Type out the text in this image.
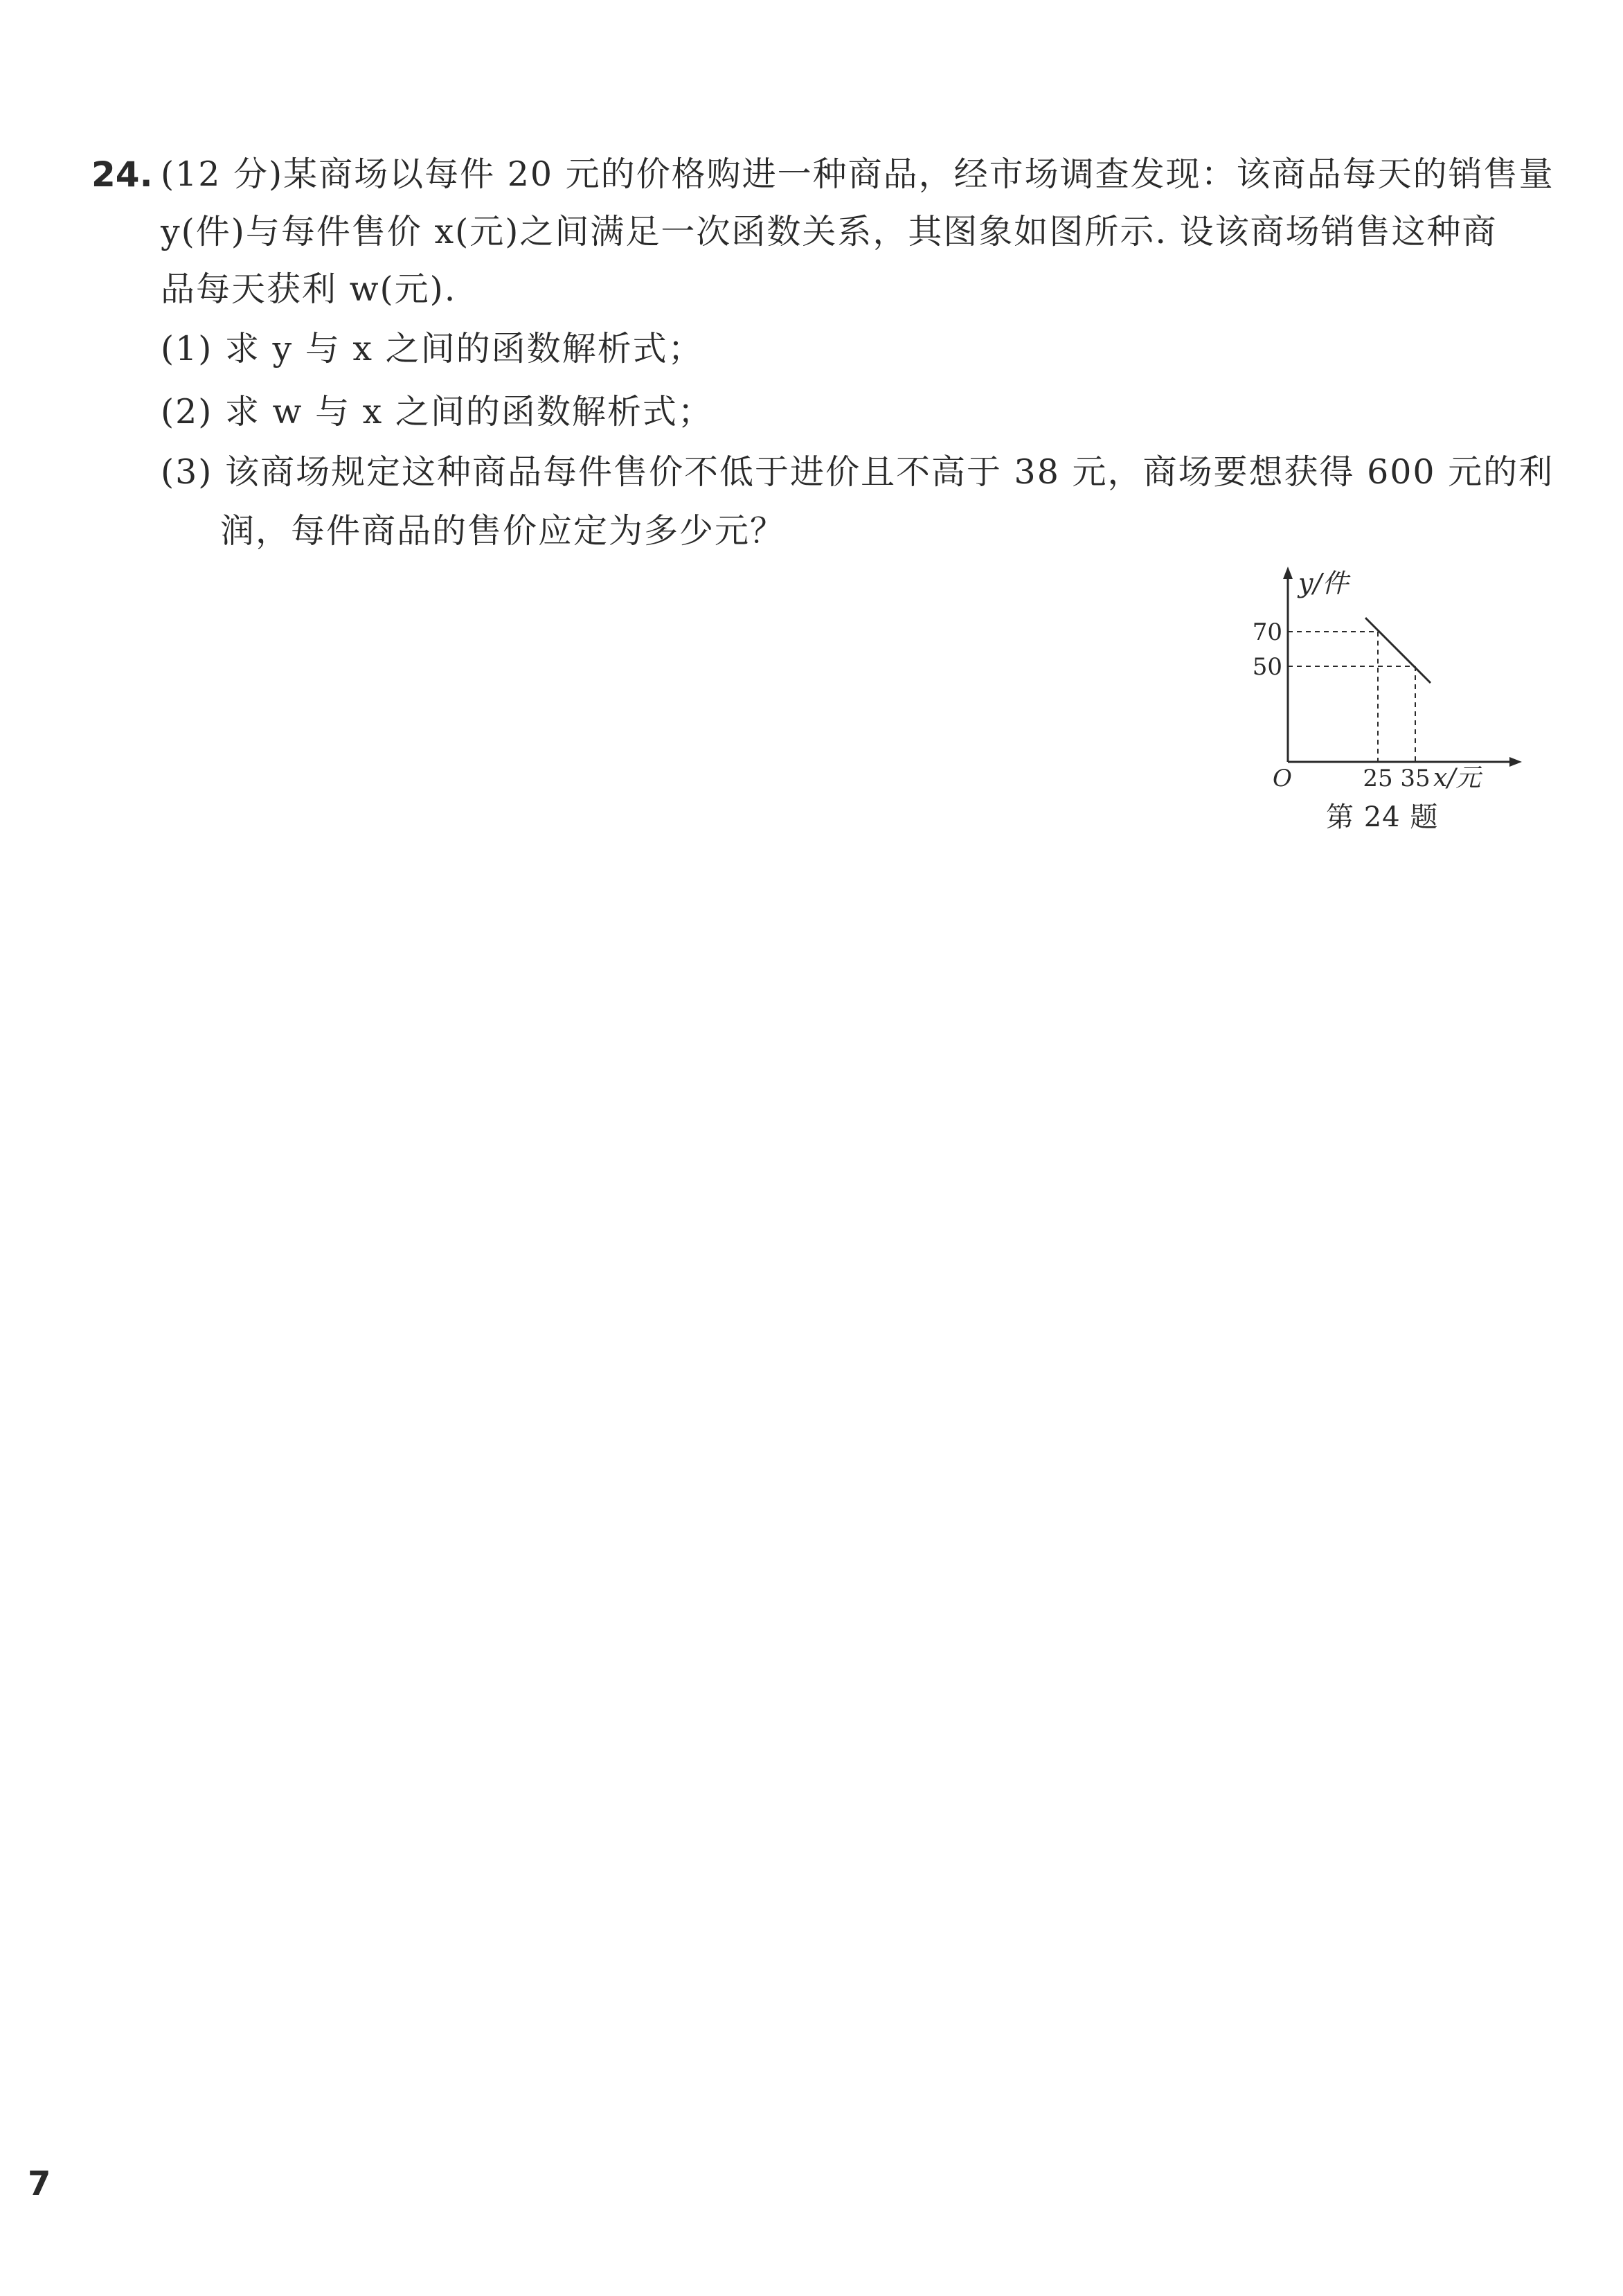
24. (12 分)某商场以每件 20 元的价格购进一种商品，经市场调查发现：该商品每天的销售量
y(件)与每件售价 x(元)之间满足一次函数关系，其图象如图所示. 设该商场销售这种商
品每天获利 w(元).
(1) 求 y 与 x 之间的函数解析式；
(2) 求 w 与 x 之间的函数解析式；
(3) 该商场规定这种商品每件售价不低于进价且不高于 38 元，商场要想获得 600 元的利
润，每件商品的售价应定为多少元？
y/件
70
50
O	25 35 x/元
第 24 题
7
